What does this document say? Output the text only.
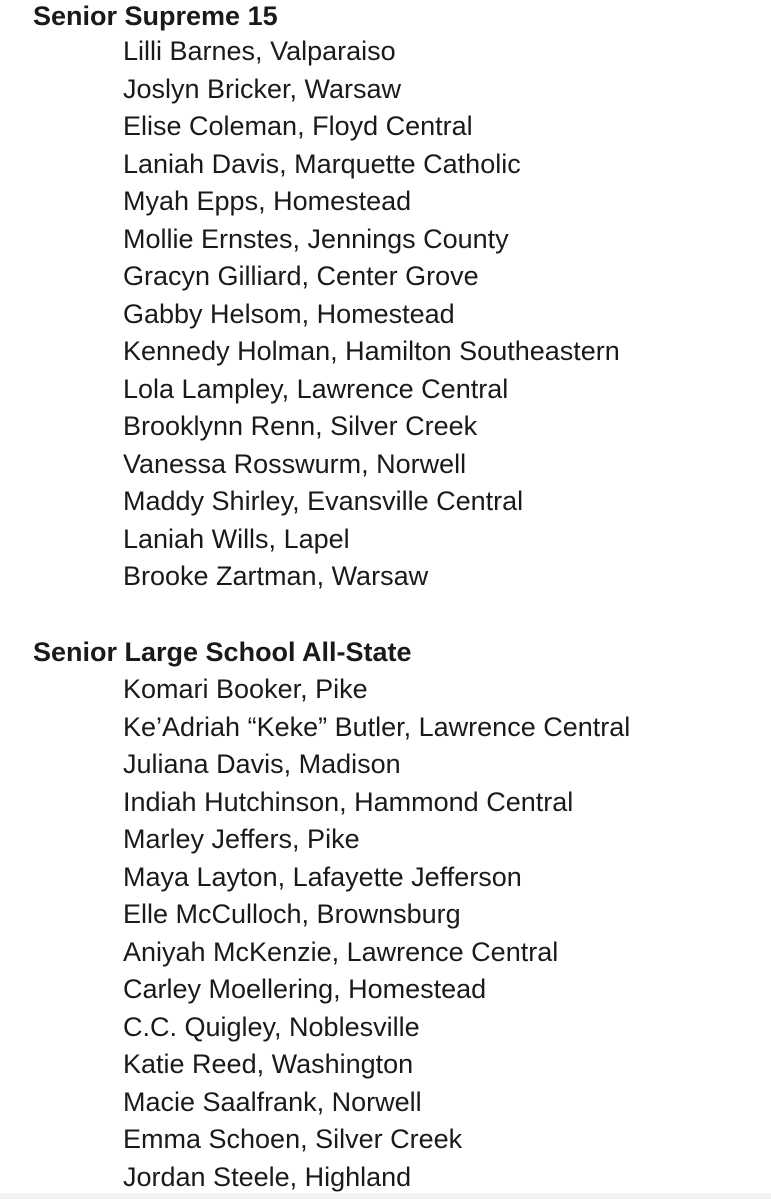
Senior Supreme 15
Lilli Barnes, Valparaiso
Joslyn Bricker, Warsaw
Elise Coleman, Floyd Central
Laniah Davis, Marquette Catholic
Myah Epps, Homestead
Mollie Ernstes, Jennings County
Gracyn Gilliard, Center Grove
Gabby Helsom, Homestead
Kennedy Holman, Hamilton Southeastern
Lola Lampley, Lawrence Central
Brooklynn Renn, Silver Creek
Vanessa Rosswurm, Norwell
Maddy Shirley, Evansville Central
Laniah Wills, Lapel
Brooke Zartman, Warsaw
Senior Large School All-State
Komari Booker, Pike
Ke’Adriah “Keke” Butler, Lawrence Central
Juliana Davis, Madison
Indiah Hutchinson, Hammond Central
Marley Jeffers, Pike
Maya Layton, Lafayette Jefferson
Elle McCulloch, Brownsburg
Aniyah McKenzie, Lawrence Central
Carley Moellering, Homestead
C.C. Quigley, Noblesville
Katie Reed, Washington
Macie Saalfrank, Norwell
Emma Schoen, Silver Creek
Jordan Steele, Highland
